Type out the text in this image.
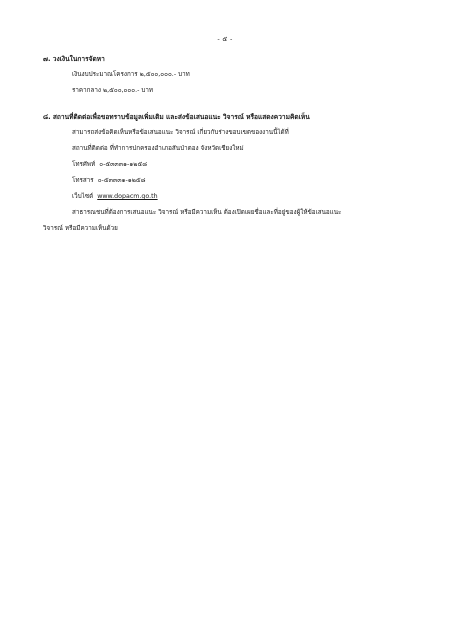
- ๕ -
๗. วงเงินในการจัดหา
เงินงบประมาณโครงการ ๒,๕๐๐,๐๐๐.- บาท
ราคากลาง ๒,๕๐๐,๐๐๐.- บาท
๘. สถานที่ติดต่อเพื่อขอทราบข้อมูลเพิ่มเติม และส่งข้อเสนอแนะ วิจารณ์ หรือแสดงความคิดเห็น
สามารถส่งข้อคิดเห็นหรือข้อเสนอแนะ วิจารณ์ เกี่ยวกับร่างขอบเขตของงานนี้ได้ที่
สถานที่ติดต่อ ที่ทำการปกครองอำเภอสันป่าตอง จังหวัดเชียงใหม่
โทรศัพท์ ๐-๕๓๓๓๑-๑๒๕๘
โทรสาร ๐-๕๓๓๓๑-๑๒๕๘
เว็บไซต์ www.dopacm.go.th
สาธารณชนที่ต้องการเสนอแนะ วิจารณ์ หรือมีความเห็น ต้องเปิดเผยชื่อและที่อยู่ของผู้ให้ข้อเสนอแนะ
วิจารณ์ หรือมีความเห็นด้วย
